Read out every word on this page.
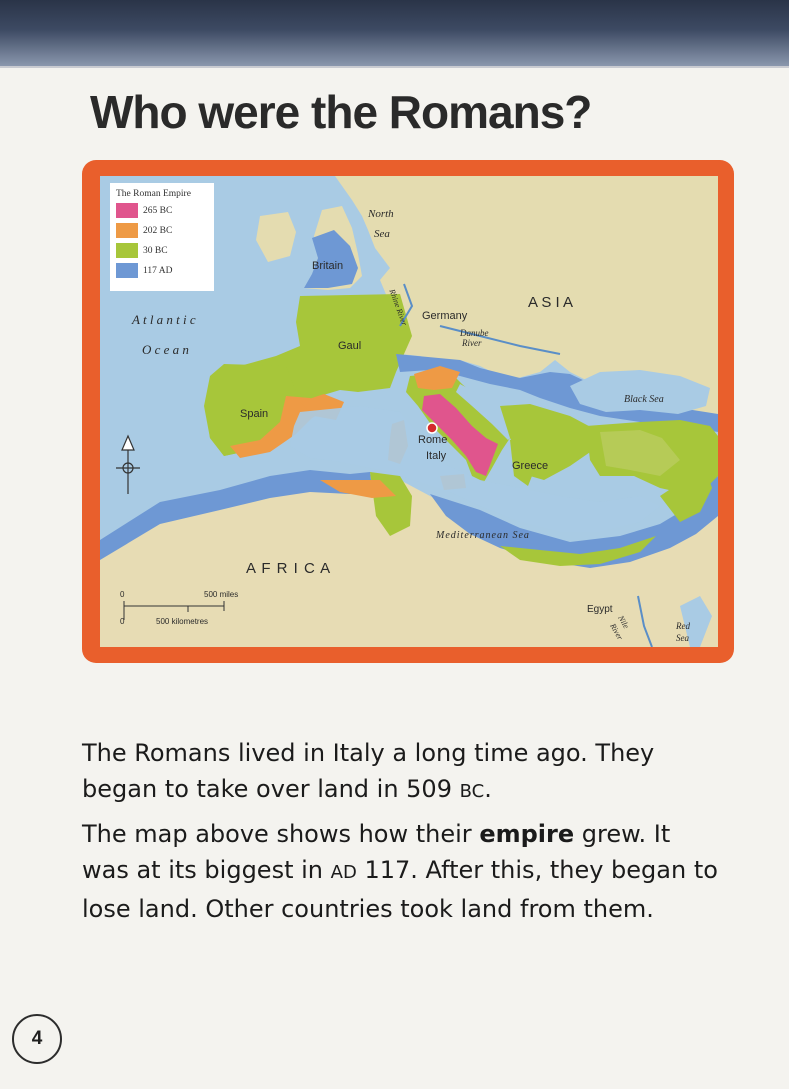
Who were the Romans?
The Roman Empire
265 BC
202 BC
30 BC
117 AD
North
Sea
Britain
Rhine River Germany
A S I A
Danube
River
A t l a n t i c
O c e a n	Gaul
Black Sea
Spain
Rome
Italy
Greece
Mediterranean Sea
A F R I C A
Egypt
Nile
River	Red
Sea
0	500 miles
0	500 kilometres

The Romans lived in Italy a long time ago. They began to take over land in 509 BC.

The map above shows how their empire grew. It was at its biggest in AD 117. After this, they began to lose land. Other countries took land from them.

4
